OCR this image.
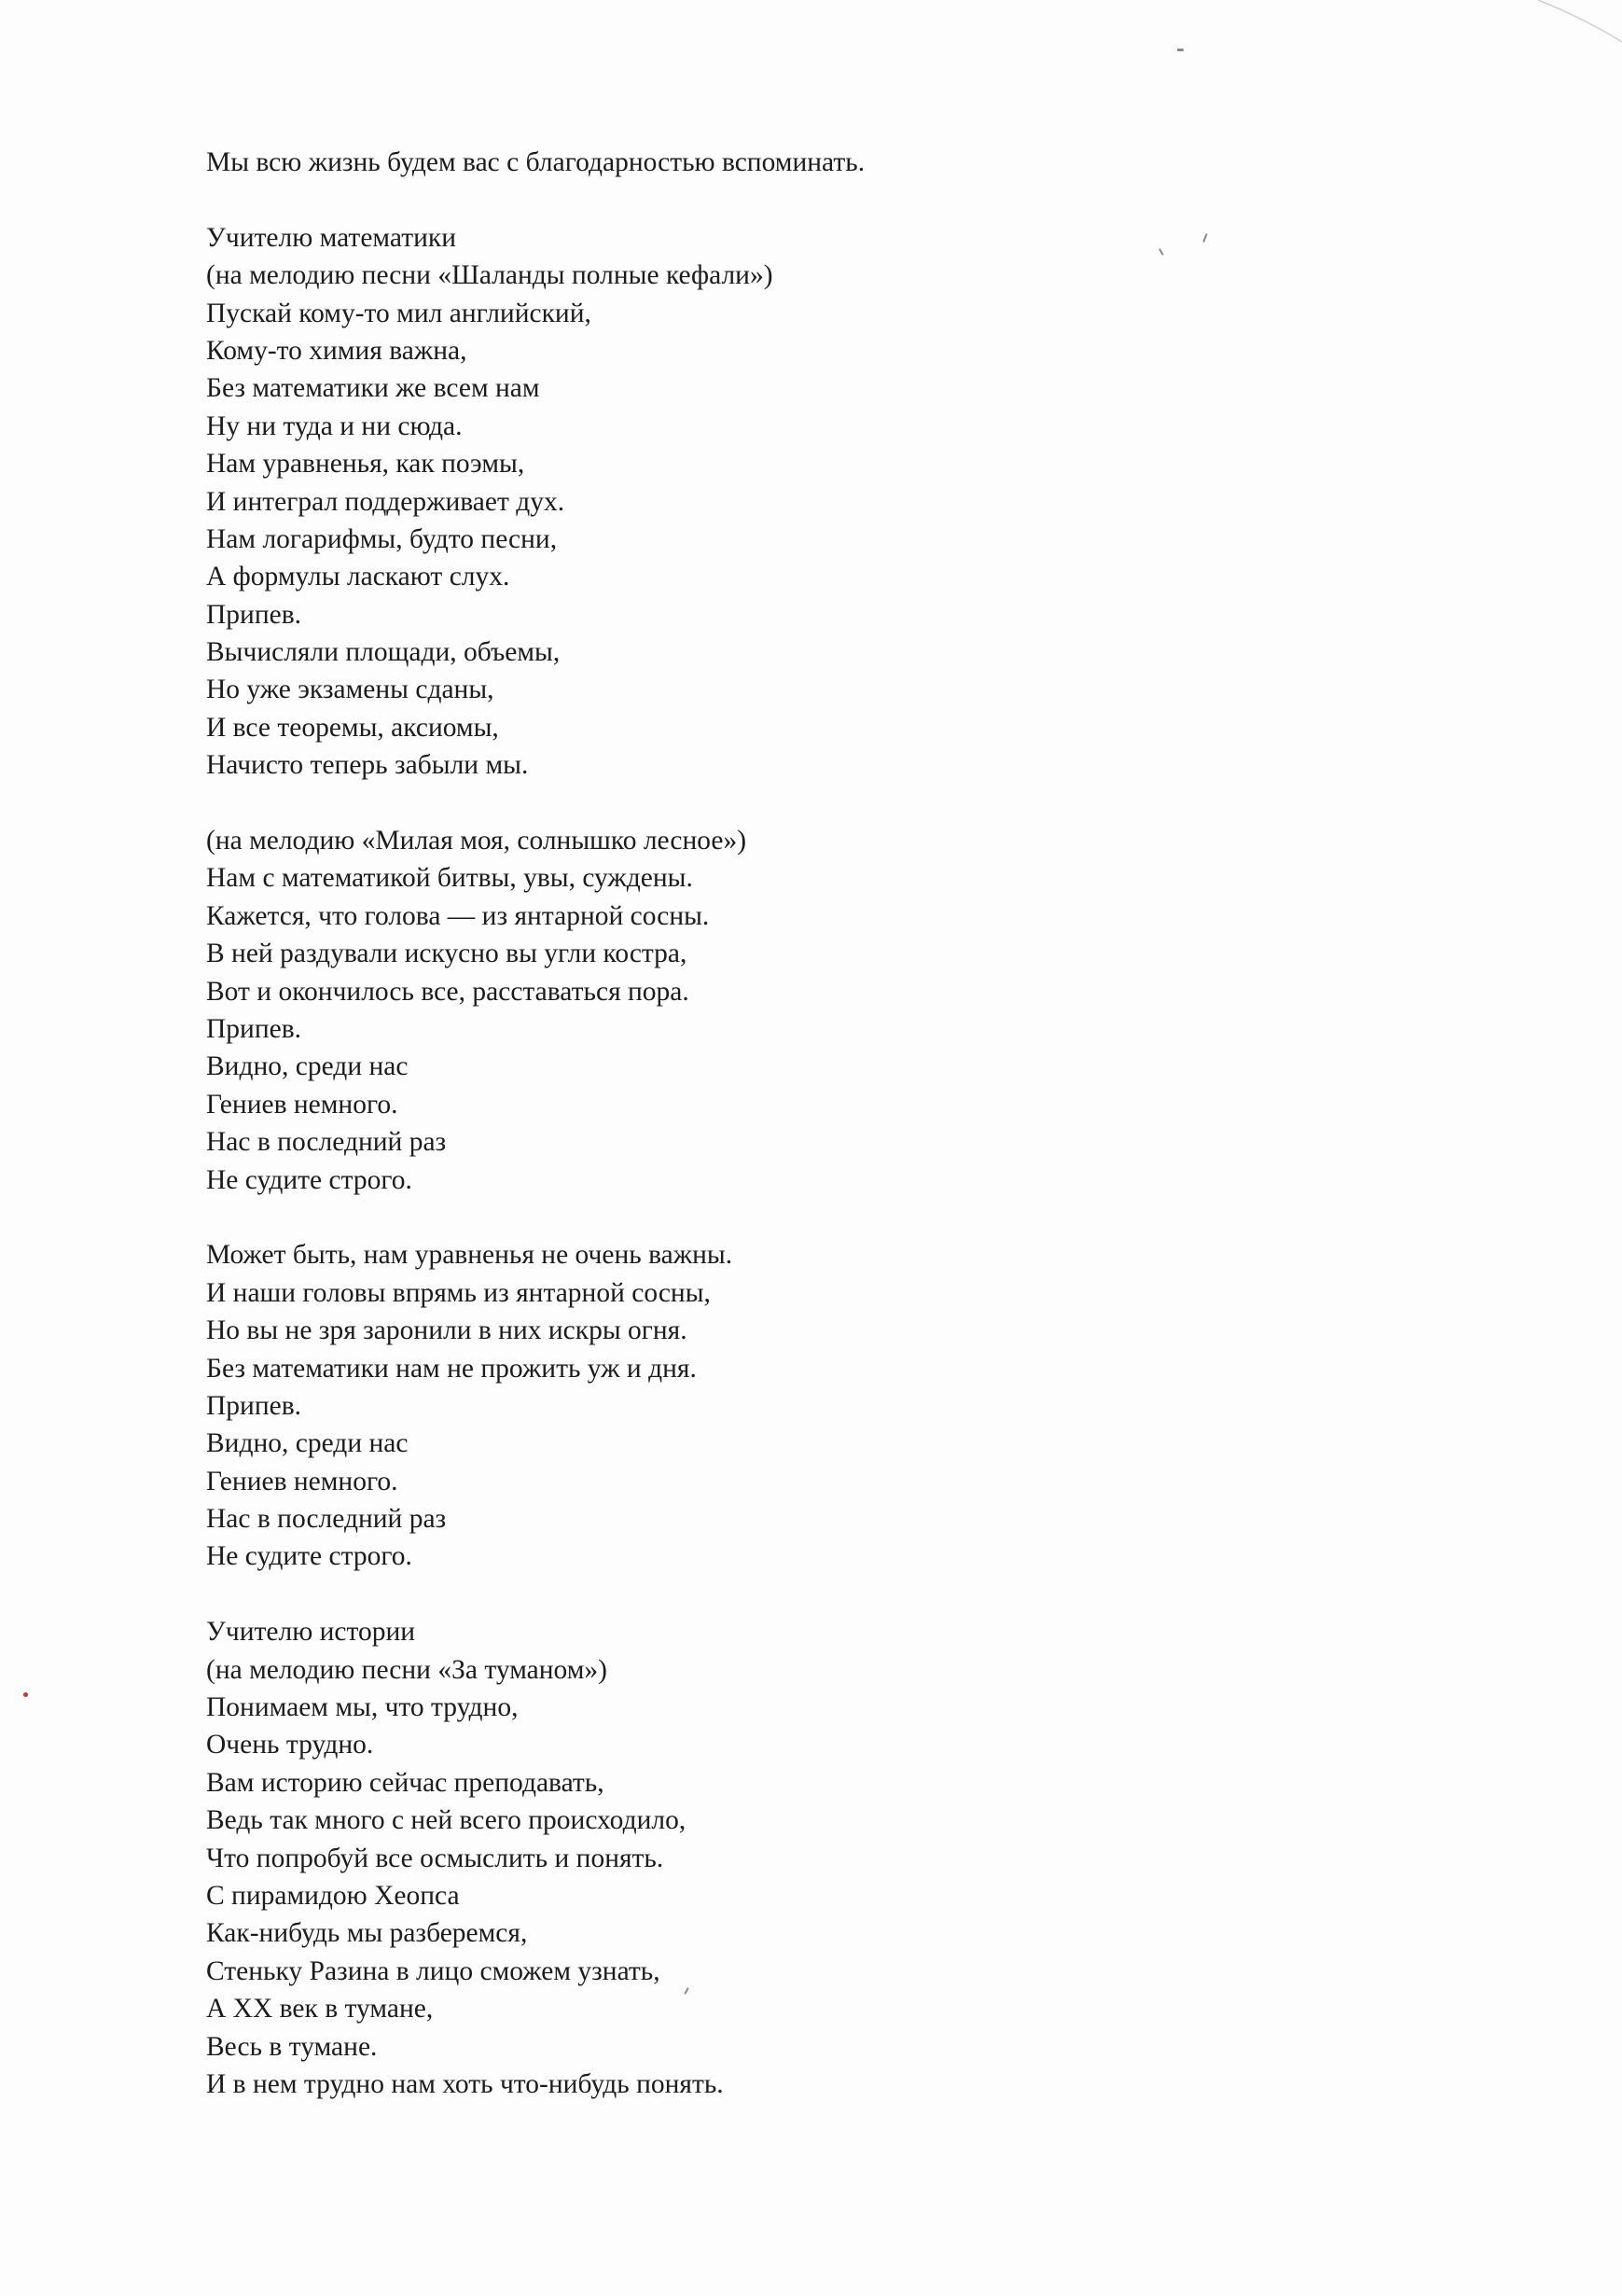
Мы всю жизнь будем вас с благодарностью вспоминать.
Учителю математики
(на мелодию песни «Шаланды полные кефали»)
Пускай кому-то мил английский,
Кому-то химия важна,
Без математики же всем нам
Ну ни туда и ни сюда.
Нам уравненья, как поэмы,
И интеграл поддерживает дух.
Нам логарифмы, будто песни,
А формулы ласкают слух.
Припев.
Вычисляли площади, объемы,
Но уже экзамены сданы,
И все теоремы, аксиомы,
Начисто теперь забыли мы.
(на мелодию «Милая моя, солнышко лесное»)
Нам с математикой битвы, увы, суждены.
Кажется, что голова — из янтарной сосны.
В ней раздували искусно вы угли костра,
Вот и окончилось все, расставаться пора.
Припев.
Видно, среди нас
Гениев немного.
Нас в последний раз
Не судите строго.
Может быть, нам уравненья не очень важны.
И наши головы впрямь из янтарной сосны,
Но вы не зря заронили в них искры огня.
Без математики нам не прожить уж и дня.
Припев.
Видно, среди нас
Гениев немного.
Нас в последний раз
Не судите строго.
Учителю истории
(на мелодию песни «За туманом»)
Понимаем мы, что трудно,
Очень трудно.
Вам историю сейчас преподавать,
Ведь так много с ней всего происходило,
Что попробуй все осмыслить и понять.
С пирамидою Хеопса
Как-нибудь мы разберемся,
Стеньку Разина в лицо сможем узнать,
А XX век в тумане,
Весь в тумане.
И в нем трудно нам хоть что-нибудь понять.
